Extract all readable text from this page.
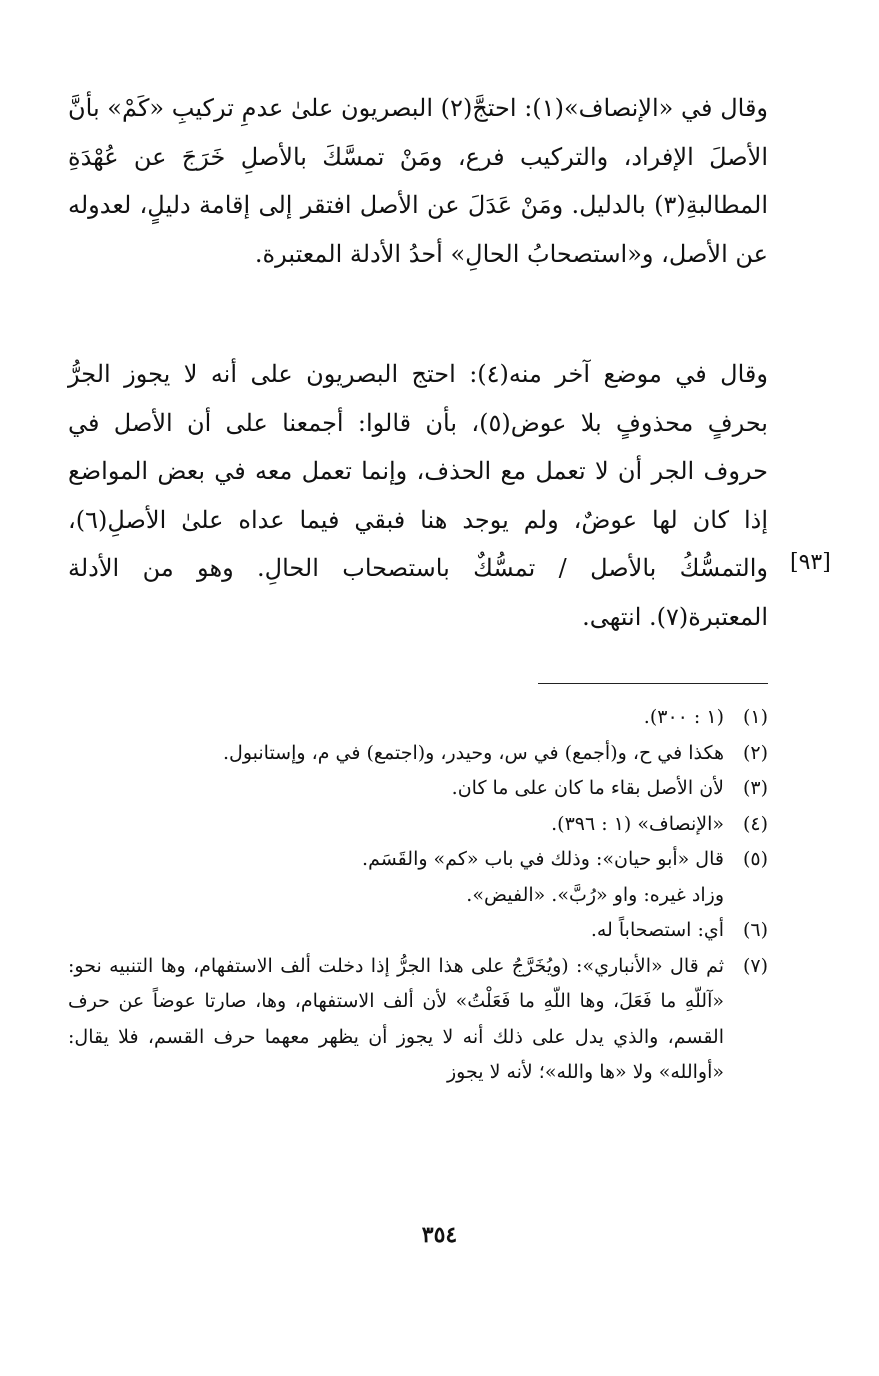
وقال في «الإنصاف»(١): احتجَّ(٢) البصريون علىٰ عدمِ تركيبِ «كَمْ» بأنَّ الأصلَ الإفراد، والتركيب فرع، ومَنْ تمسَّكَ بالأصلِ خَرَجَ عن عُهْدَةِ المطالبةِ(٣) بالدليل. ومَنْ عَدَلَ عن الأصل افتقر إلى إقامة دليلٍ، لعدوله عن الأصل، و«استصحابُ الحالِ» أحدُ الأدلة المعتبرة.

وقال في موضع آخر منه(٤): احتج البصريون على أنه لا يجوز الجرُّ بحرفٍ محذوفٍ بلا عوض(٥)، بأن قالوا: أجمعنا على أن الأصل في حروف الجر أن لا تعمل مع الحذف، وإنما تعمل معه في بعض المواضع إذا كان لها عوضٌ، ولم يوجد هنا فبقي فيما عداه علىٰ الأصلِ(٦)، والتمسُّكُ بالأصل / تمسُّكٌ باستصحاب الحالِ. وهو من الأدلة المعتبرة(٧). انتهى.

[٩٣]
(١)
(١ : ٣٠٠).
(٢)
هكذا في ح، و(أجمع) في س، وحيدر، و(اجتمع) في م، وإستانبول.
(٣)
لأن الأصل بقاء ما كان على ما كان.
(٤)
«الإنصاف» (١ : ٣٩٦).
(٥)
قال «أبو حيان»: وذلك في باب «كم» والقَسَم.
وزاد غيره: واو «رُبَّ». «الفيض».
(٦)
أي: استصحاباً له.
(٧)
ثم قال «الأنباري»: (ويُخَرَّجُ على هذا الجرُّ إذا دخلت ألف الاستفهام، وها التنبيه نحو: «آللّهِ ما فَعَلَ، وها اللّهِ ما فَعَلْتُ» لأن ألف الاستفهام، وها، صارتا عوضاً عن حرف القسم، والذي يدل على ذلك أنه لا يجوز أن يظهر معهما حرف القسم، فلا يقال: «أوالله» ولا «ها والله»؛ لأنه لا يجوز
٣٥٤
